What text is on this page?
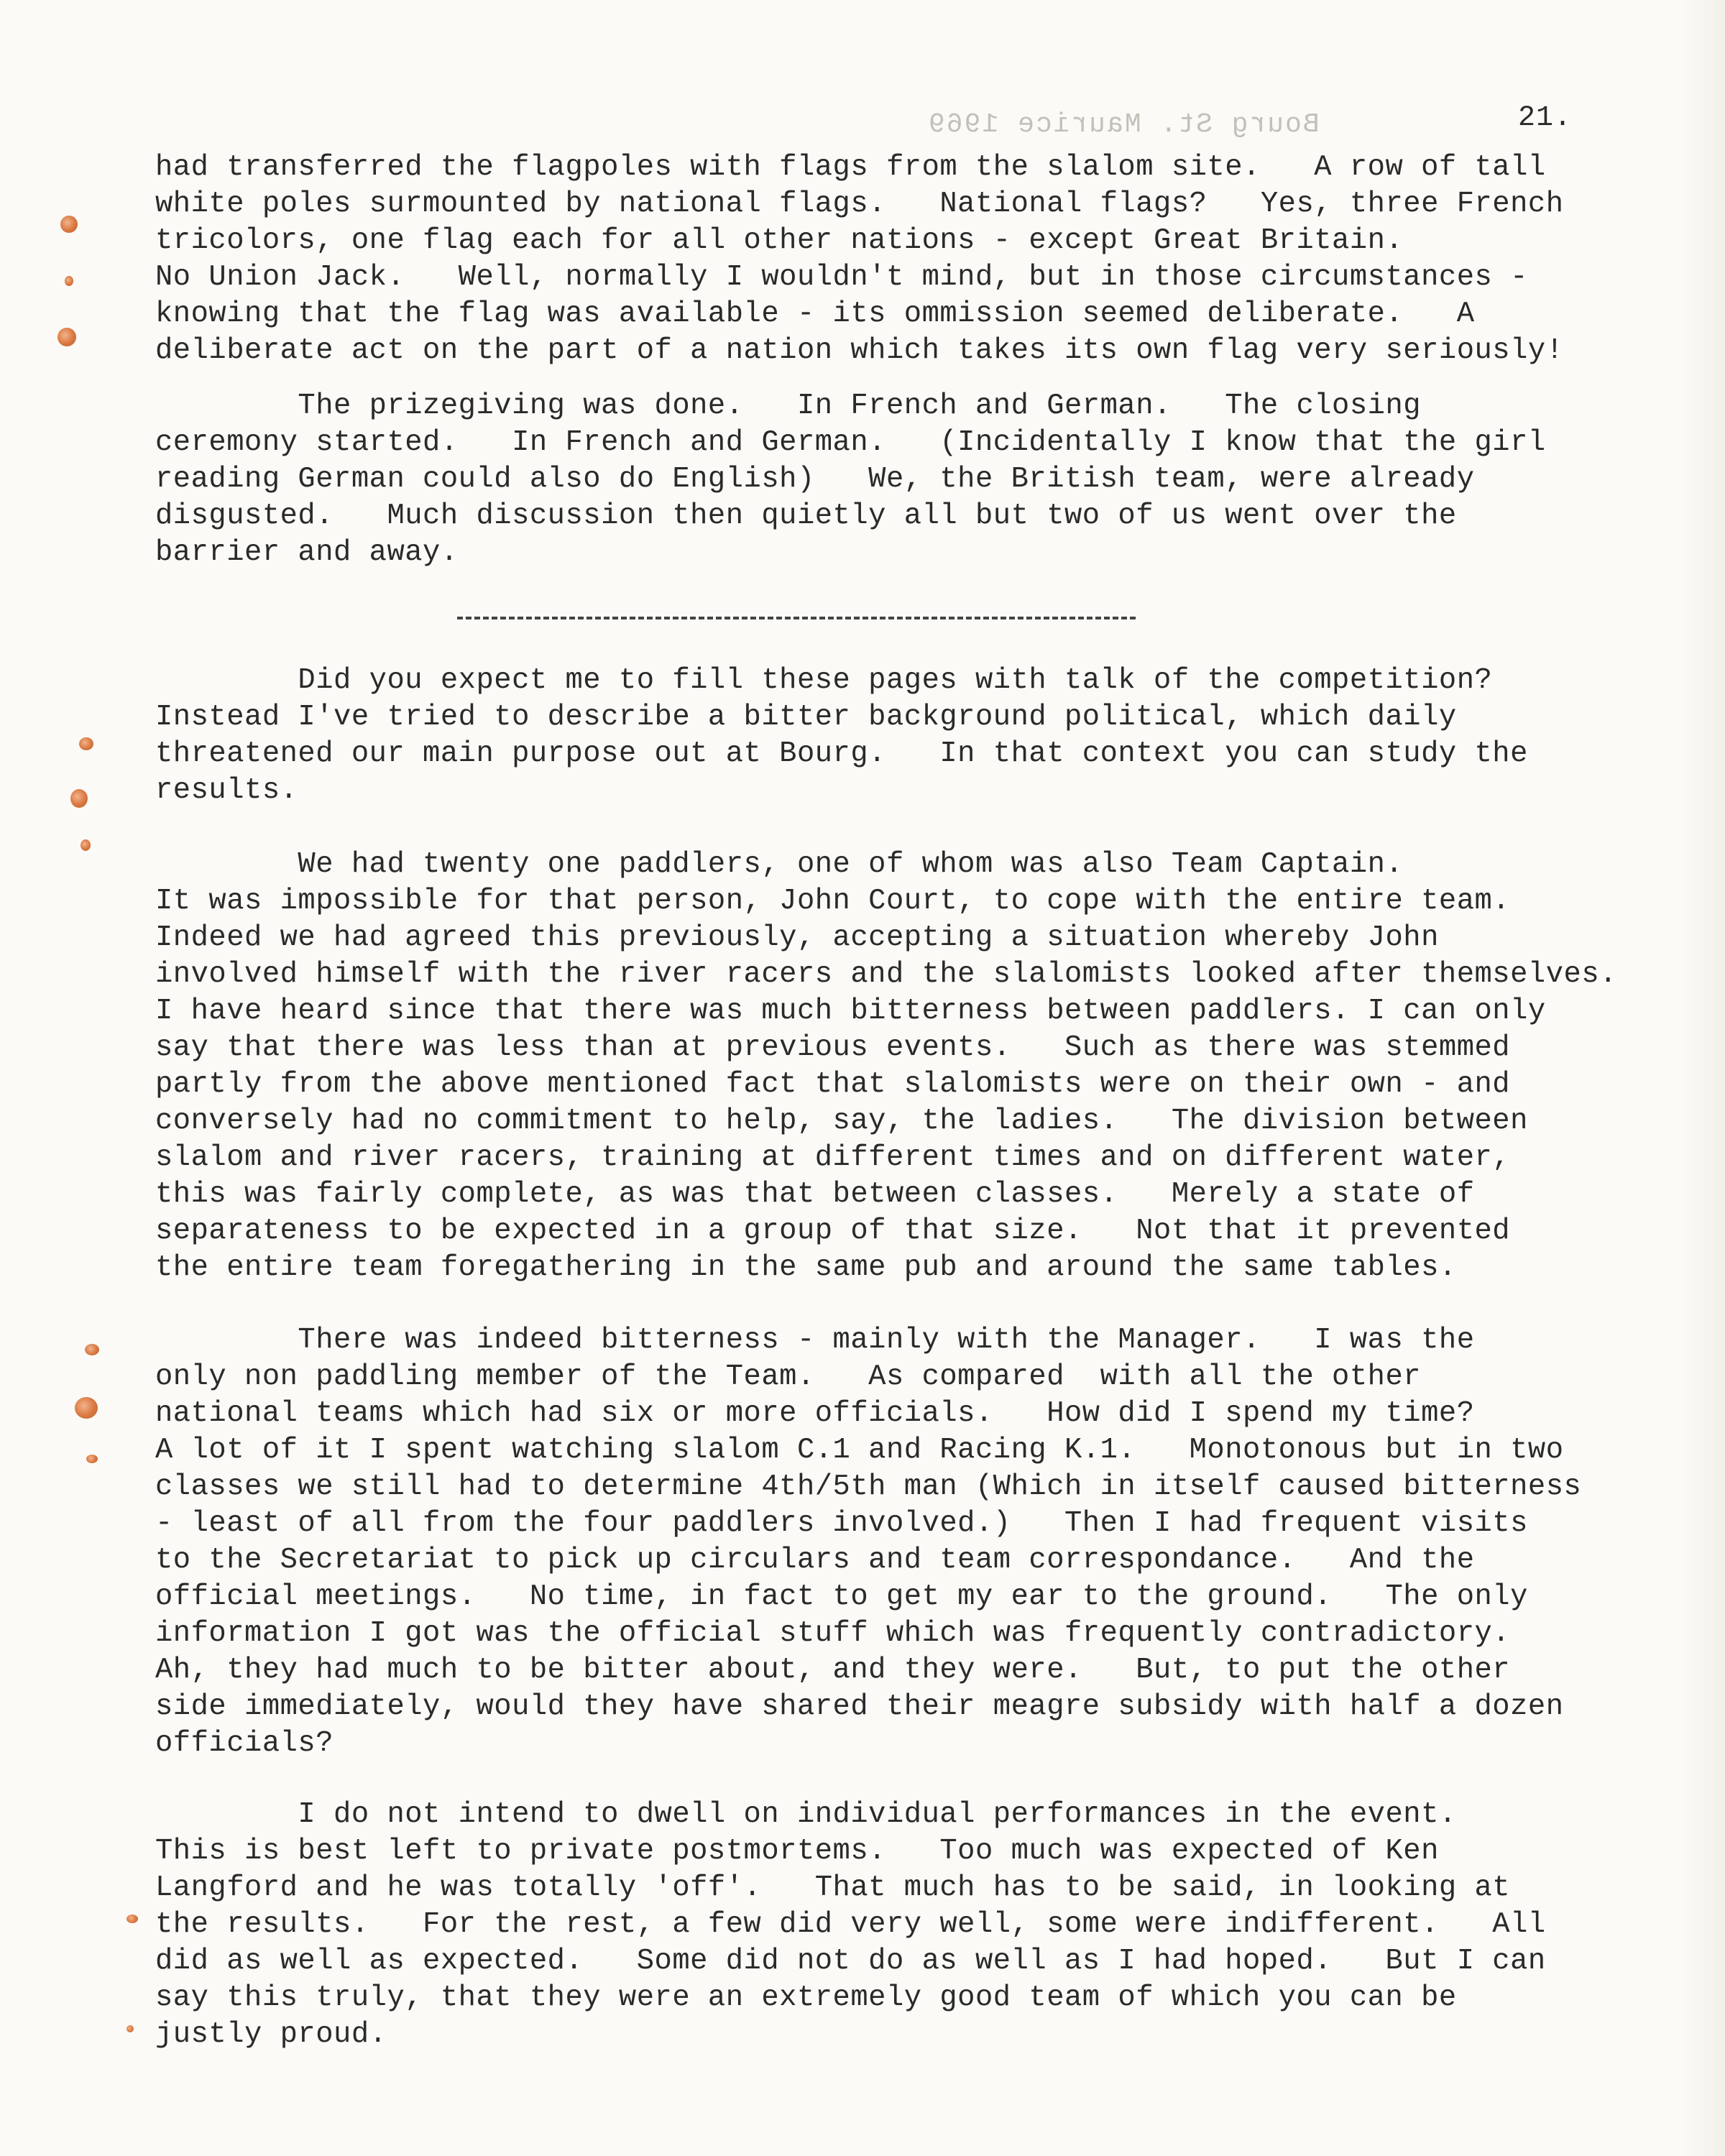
Bourg St. Maurice 1969	21.

had transferred the flagpoles with flags from the slalom site.   A row of tall
white poles surmounted by national flags.   National flags?   Yes, three French
tricolors, one flag each for all other nations - except Great Britain.
No Union Jack.   Well, normally I wouldn't mind, but in those circumstances -
knowing that the flag was available - its ommission seemed deliberate.   A
deliberate act on the part of a nation which takes its own flag very seriously!

The prizegiving was done.   In French and German.   The closing
ceremony started.   In French and German.   (Incidentally I know that the girl
reading German could also do English)   We, the British team, were already
disgusted.   Much discussion then quietly all but two of us went over the
barrier and away.

Did you expect me to fill these pages with talk of the competition?
Instead I've tried to describe a bitter background political, which daily
threatened our main purpose out at Bourg.   In that context you can study the
results.

We had twenty one paddlers, one of whom was also Team Captain.
It was impossible for that person, John Court, to cope with the entire team.
Indeed we had agreed this previously, accepting a situation whereby John
involved himself with the river racers and the slalomists looked after themselves.
I have heard since that there was much bitterness between paddlers. I can only
say that there was less than at previous events.   Such as there was stemmed
partly from the above mentioned fact that slalomists were on their own - and
conversely had no commitment to help, say, the ladies.   The division between
slalom and river racers, training at different times and on different water,
this was fairly complete, as was that between classes.   Merely a state of
separateness to be expected in a group of that size.   Not that it prevented
the entire team foregathering in the same pub and around the same tables.

There was indeed bitterness - mainly with the Manager.   I was the
only non paddling member of the Team.   As compared  with all the other
national teams which had six or more officials.   How did I spend my time?
A lot of it I spent watching slalom C.1 and Racing K.1.   Monotonous but in two
classes we still had to determine 4th/5th man (Which in itself caused bitterness
- least of all from the four paddlers involved.)   Then I had frequent visits
to the Secretariat to pick up circulars and team correspondance.   And the
official meetings.   No time, in fact to get my ear to the ground.   The only
information I got was the official stuff which was frequently contradictory.
Ah, they had much to be bitter about, and they were.   But, to put the other
side immediately, would they have shared their meagre subsidy with half a dozen
officials?

I do not intend to dwell on individual performances in the event.
This is best left to private postmortems.   Too much was expected of Ken
Langford and he was totally 'off'.   That much has to be said, in looking at
the results.   For the rest, a few did very well, some were indifferent.   All
did as well as expected.   Some did not do as well as I had hoped.   But I can
say this truly, that they were an extremely good team of which you can be
justly proud.
